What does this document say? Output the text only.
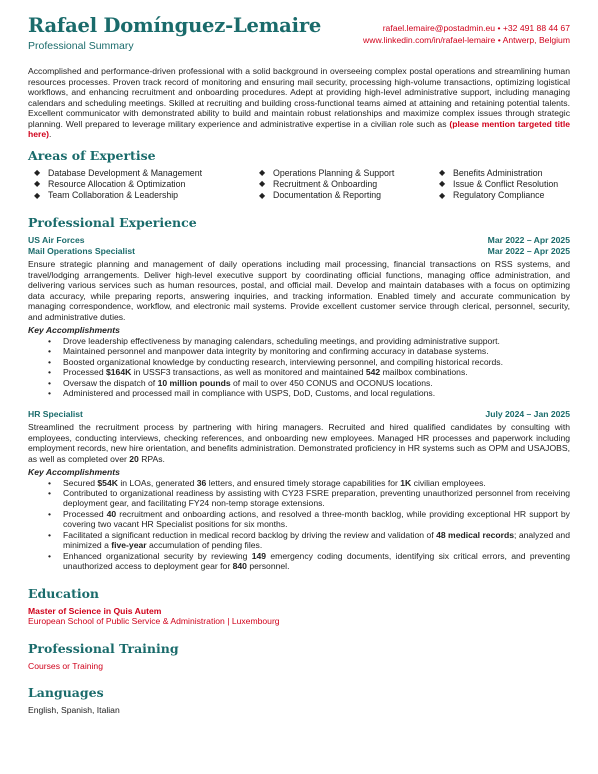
Rafael Domínguez-Lemaire
Professional Summary
rafael.lemaire@postadmin.eu • +32 491 88 44 67
www.linkedin.com/in/rafael-lemaire • Antwerp, Belgium

Accomplished and performance-driven professional with a solid background in overseeing complex postal operations and streamlining human resources processes. Proven track record of monitoring and ensuring mail security, processing high-volume transactions, optimizing logistical workflows, and enhancing recruitment and onboarding procedures. Adept at providing high-level administrative support, including managing calendars and scheduling meetings. Skilled at recruiting and building cross-functional teams aimed at attaining and retaining potential talents. Excellent communicator with demonstrated ability to build and maintain robust relationships and maximize complex issues through strategic planning. Well prepared to leverage military experience and administrative expertise in a civilian role such as (please mention targeted title here).

Areas of Expertise
◆ Database Development & Management	◆ Operations Planning & Support	◆ Benefits Administration
◆ Resource Allocation & Optimization	◆ Recruitment & Onboarding	◆ Issue & Conflict Resolution
◆ Team Collaboration & Leadership	◆ Documentation & Reporting	◆ Regulatory Compliance
Professional Experience
US Air Forces	Mar 2022 – Apr 2025
Mail Operations Specialist	Mar 2022 – Apr 2025

Ensure strategic planning and management of daily operations including mail processing, financial transactions on RSS systems, and travel/lodging arrangements. Deliver high-level executive support by coordinating official functions, managing office administration, and delivering various services such as human resources, postal, and official mail. Develop and maintain databases with a focus on optimizing data accuracy, while preparing reports, answering inquiries, and tracking information. Enabled timely and accurate communication by managing correspondence, workflow, and electronic mail systems. Provide excellent customer service through clerical, personnel, security, and administrative duties.

Key Accomplishments
• Drove leadership effectiveness by managing calendars, scheduling meetings, and providing administrative support.
• Maintained personnel and manpower data integrity by monitoring and confirming accuracy in database systems.
• Boosted organizational knowledge by conducting research, interviewing personnel, and compiling historical records.
• Processed $164K in USSF3 transactions, as well as monitored and maintained 542 mailbox combinations.
• Oversaw the dispatch of 10 million pounds of mail to over 450 CONUS and OCONUS locations.
• Administered and processed mail in compliance with USPS, DoD, Customs, and local regulations.
HR Specialist	July 2024 – Jan 2025

Streamlined the recruitment process by partnering with hiring managers. Recruited and hired qualified candidates by consulting with employees, conducting interviews, checking references, and onboarding new employees. Managed HR processes and paperwork including employment records, new hire orientation, and benefits administration. Demonstrated proficiency in HR systems such as OPM and USAJOBS, as well as completed over 20 RPAs.

Key Accomplishments
• Secured $54K in LOAs, generated 36 letters, and ensured timely storage capabilities for 1K civilian employees.
• Contributed to organizational readiness by assisting with CY23 FSRE preparation, preventing unauthorized personnel from receiving deployment gear, and facilitating FY24 non-temp storage extensions.
• Processed 40 recruitment and onboarding actions, and resolved a three-month backlog, while providing exceptional HR support by covering two vacant HR Specialist positions for six months.
• Facilitated a significant reduction in medical record backlog by driving the review and validation of 48 medical records; analyzed and minimized a five-year accumulation of pending files.
• Enhanced organizational security by reviewing 149 emergency coding documents, identifying six critical errors, and preventing unauthorized access to deployment gear for 840 personnel.
Education
Master of Science in Quis Autem
European School of Public Service & Administration | Luxembourg
Professional Training
Courses or Training
Languages
English, Spanish, Italian
